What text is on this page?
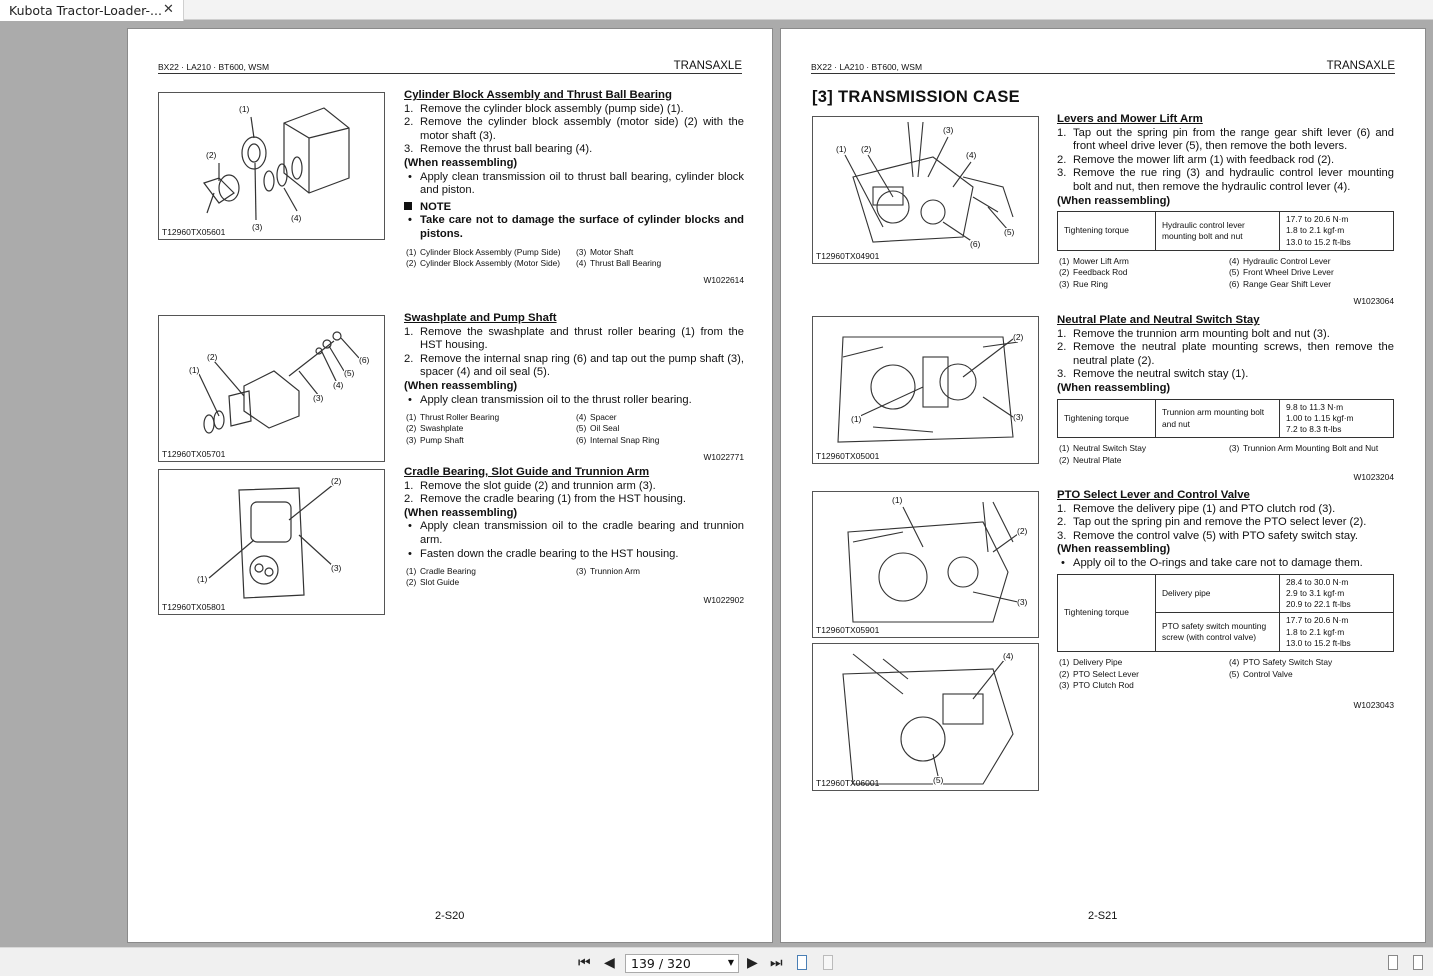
Kubota Tractor-Loader-... ✕
BX22 · LA210 · BT600, WSM	TRANSAXLE
(1)
(2)
(3)
(4)
T12960TX05601
(2)
(1)
(6)
(5)
(4)
(3)
T12960TX05701
(2)
(1)
(3)
T12960TX05801
Cylinder Block Assembly and Thrust Ball Bearing
1. Remove the cylinder block assembly (pump side) (1).
2. Remove the cylinder block assembly (motor side) (2) with the motor shaft (3).
3. Remove the thrust ball bearing (4).
(When reassembling)
• Apply clean transmission oil to thrust ball bearing, cylinder block and piston.
NOTE
• Take care not to damage the surface of cylinder blocks and pistons.
(1) Cylinder Block Assembly (Pump Side) (3) Motor Shaft
(2) Cylinder Block Assembly (Motor Side) (4) Thrust Ball Bearing
W1022614
Swashplate and Pump Shaft
1. Remove the swashplate and thrust roller bearing (1) from the HST housing.
2. Remove the internal snap ring (6) and tap out the pump shaft (3), spacer (4) and oil seal (5).
(When reassembling)
• Apply clean transmission oil to the thrust roller bearing.
(1) Thrust Roller Bearing	(4) Spacer
(2) Swashplate	(5) Oil Seal
(3) Pump Shaft	(6) Internal Snap Ring
W1022771
Cradle Bearing, Slot Guide and Trunnion Arm
1. Remove the slot guide (2) and trunnion arm (3).
2. Remove the cradle bearing (1) from the HST housing.
(When reassembling)
• Apply clean transmission oil to the cradle bearing and trunnion arm.
• Fasten down the cradle bearing to the HST housing.
(1) Cradle Bearing	(3) Trunnion Arm
(2) Slot Guide
W1022902
2-S20
BX22 · LA210 · BT600, WSM	TRANSAXLE
[3] TRANSMISSION CASE
(3)
(1) (2)
(4)
(5)
(6)
T12960TX04901
(2)
(1)	(3)
T12960TX05001
(1)
(2)
(3)
T12960TX05901
(4)
(5)
T12960TX06001
Levers and Mower Lift Arm
1. Tap out the spring pin from the range gear shift lever (6) and front wheel drive lever (5), then remove the both levers.
2. Remove the mower lift arm (1) with feedback rod (2).
3. Remove the rue ring (3) and hydraulic control lever mounting bolt and nut, then remove the hydraulic control lever (4).
(When reassembling)
Tightening torque	Hydraulic control lever mounting bolt and nut	
17.7 to 20.6 N·m
1.8 to 2.1 kgf·m
13.0 to 15.2 ft-lbs
(1) Mower Lift Arm	(4) Hydraulic Control Lever
(2) Feedback Rod	(5) Front Wheel Drive Lever
(3) Rue Ring	(6) Range Gear Shift Lever
W1023064
Neutral Plate and Neutral Switch Stay
1. Remove the trunnion arm mounting bolt and nut (3).
2. Remove the neutral plate mounting screws, then remove the neutral plate (2).
3. Remove the neutral switch stay (1).
(When reassembling)
Tightening torque	Trunnion arm mounting bolt and nut	
9.8 to 11.3 N·m
1.00 to 1.15 kgf·m
7.2 to 8.3 ft-lbs
(1) Neutral Switch Stay	(3) Trunnion Arm Mounting Bolt and Nut
(2) Neutral Plate
W1023204
PTO Select Lever and Control Valve
1. Remove the delivery pipe (1) and PTO clutch rod (3).
2. Tap out the spring pin and remove the PTO select lever (2).
3. Remove the control valve (5) with PTO safety switch stay.
(When reassembling)
• Apply oil to the O-rings and take care not to damage them.
Tightening torque	Delivery pipe	28.4 to 30.0 N·m
2.9 to 3.1 kgf·m
20.9 to 22.1 ft-lbs

	PTO safety switch mounting screw (with control valve)	17.7 to 20.6 N·m
1.8 to 2.1 kgf·m
13.0 to 15.2 ft-lbs
(1) Delivery Pipe	(4) PTO Safety Switch Stay
(2) PTO Select Lever	(5) Control Valve
(3) PTO Clutch Rod
W1023043
2-S21
⏮ ◀	139 / 320	▼ ▶ ⏭
